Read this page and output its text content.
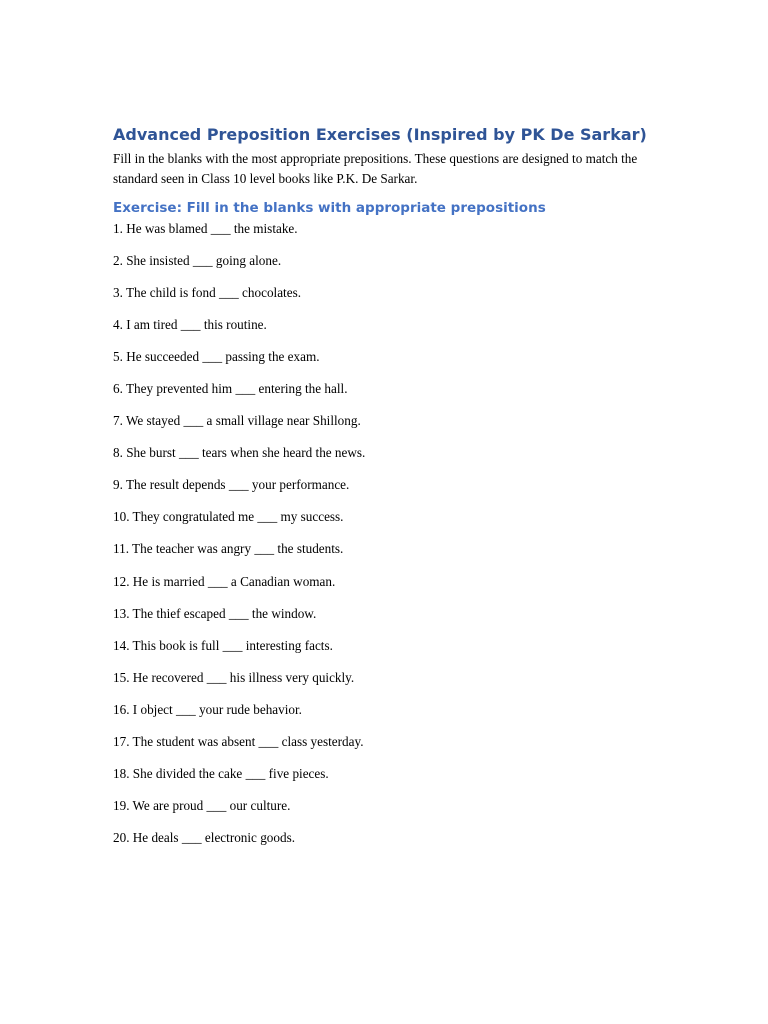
Advanced Preposition Exercises (Inspired by PK De Sarkar)

Fill in the blanks with the most appropriate prepositions. These questions are designed to match the standard seen in Class 10 level books like P.K. De Sarkar.

Exercise: Fill in the blanks with appropriate prepositions
1. He was blamed ___ the mistake.
2. She insisted ___ going alone.
3. The child is fond ___ chocolates.
4. I am tired ___ this routine.
5. He succeeded ___ passing the exam.
6. They prevented him ___ entering the hall.
7. We stayed ___ a small village near Shillong.
8. She burst ___ tears when she heard the news.
9. The result depends ___ your performance.
10. They congratulated me ___ my success.
11. The teacher was angry ___ the students.
12. He is married ___ a Canadian woman.
13. The thief escaped ___ the window.
14. This book is full ___ interesting facts.
15. He recovered ___ his illness very quickly.
16. I object ___ your rude behavior.
17. The student was absent ___ class yesterday.
18. She divided the cake ___ five pieces.
19. We are proud ___ our culture.
20. He deals ___ electronic goods.
